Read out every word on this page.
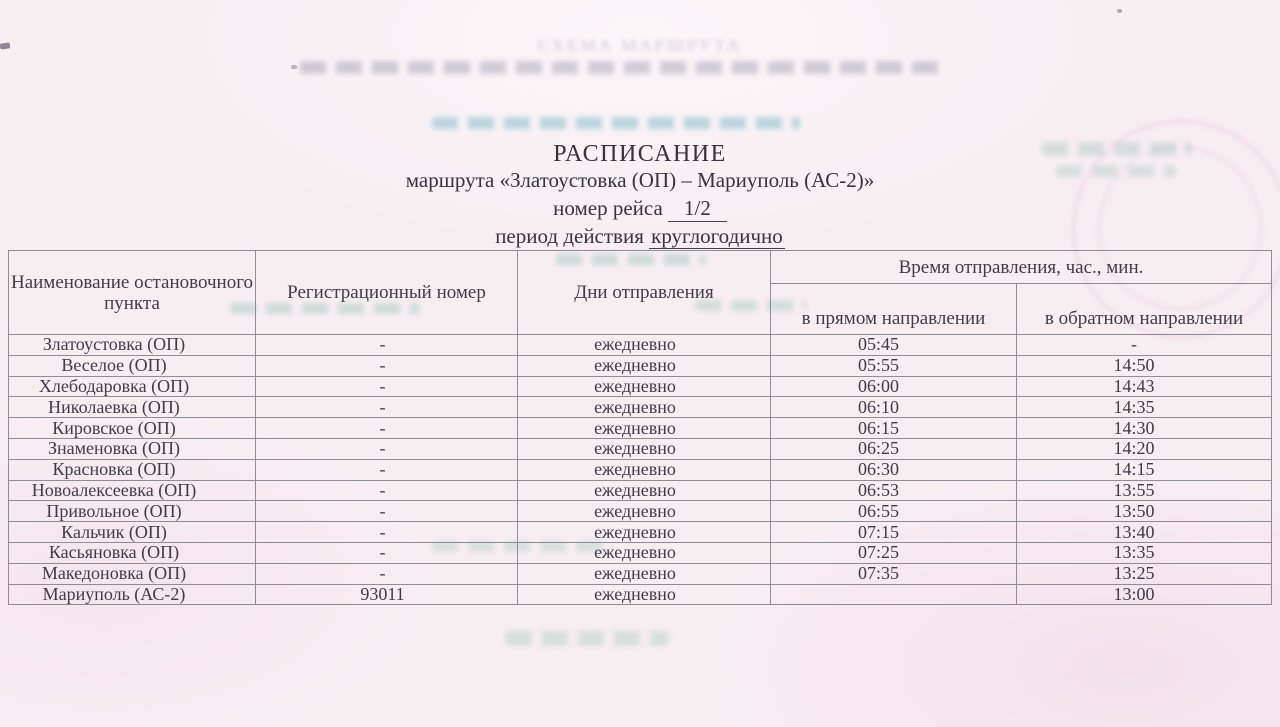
СХЕМА МАРШРУТА
РАСПИСАНИЕ
маршрута «Златоустовка (ОП) – Мариуполь (АС-2)»
номер рейса 1/2
период действия круглогодично
Наименование остановочного пункта	Регистрационный номер	Дни отправления	Время отправления, час., мин.	
			в прямом направлении	в обратном направлении
Златоустовка (ОП)	-	ежедневно	05:45	-
Веселое (ОП)	-	ежедневно	05:55	14:50
Хлебодаровка (ОП)	-	ежедневно	06:00	14:43
Николаевка (ОП)	-	ежедневно	06:10	14:35
Кировское (ОП)	-	ежедневно	06:15	14:30
Знаменовка (ОП)	-	ежедневно	06:25	14:20
Красновка (ОП)	-	ежедневно	06:30	14:15
Новоалексеевка (ОП)	-	ежедневно	06:53	13:55
Привольное (ОП)	-	ежедневно	06:55	13:50
Кальчик (ОП)	-	ежедневно	07:15	13:40
Касьяновка (ОП)	-	ежедневно	07:25	13:35
Македоновка (ОП)	-	ежедневно	07:35	13:25
Мариуполь (АС-2)	93011	ежедневно		13:00
